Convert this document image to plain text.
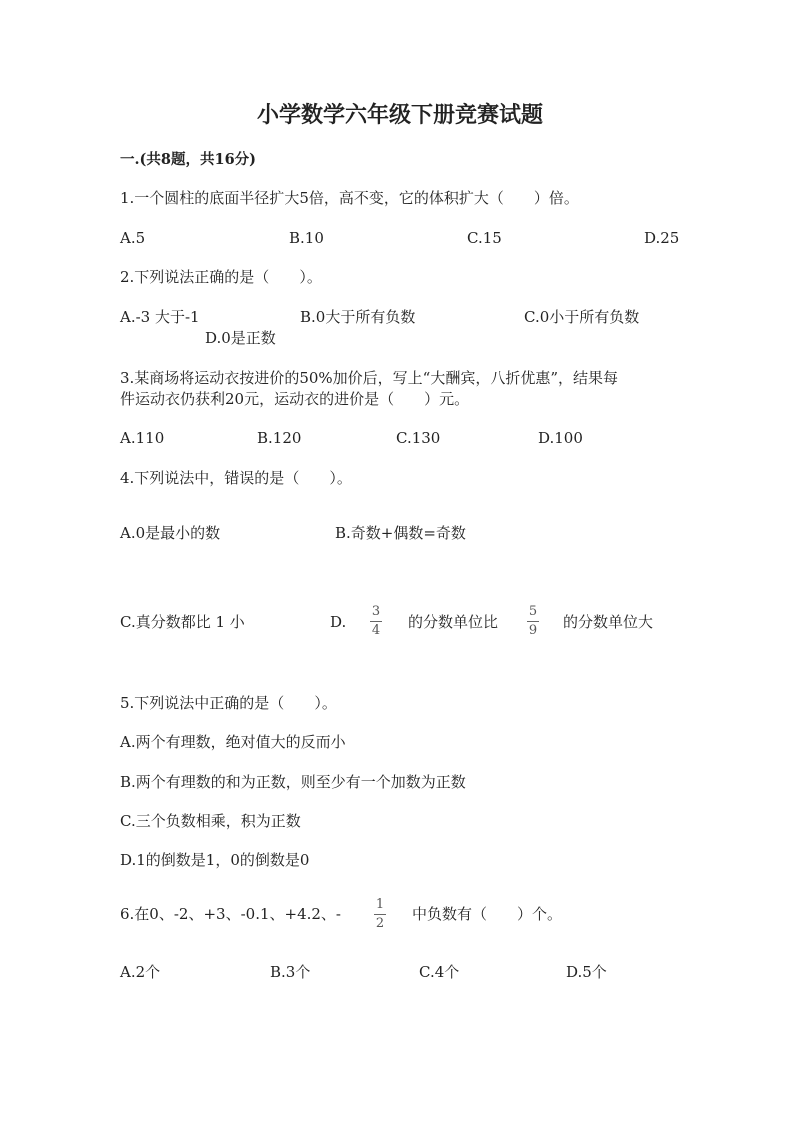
小学数学六年级下册竞赛试题
一.(共8题，共16分)
1.一个圆柱的底面半径扩大5倍，高不变，它的体积扩大（　　）倍。
A.5	B.10	C.15	D.25
2.下列说法正确的是（　　）。
A.-3 大于-1	B.0大于所有负数	C.0小于所有负数
D.0是正数
3.某商场将运动衣按进价的50%加价后，写上“大酬宾，八折优惠”，结果每
件运动衣仍获利20元，运动衣的进价是（　　）元。
A.110	B.120	C.130	D.100
4.下列说法中，错误的是（　　）。
A.0是最小的数	B.奇数+偶数=奇数
C.真分数都比 1 小	D.
3
4 的分数单位比
5
9 的分数单位大
5.下列说法中正确的是（　　）。
A.两个有理数，绝对值大的反而小
B.两个有理数的和为正数，则至少有一个加数为正数
C.三个负数相乘，积为正数
D.1的倒数是1，0的倒数是0
6.在0、-2、+3、-0.1、+4.2、-
1
2
中负数有（　　）个。
A.2个	B.3个	C.4个	D.5个
